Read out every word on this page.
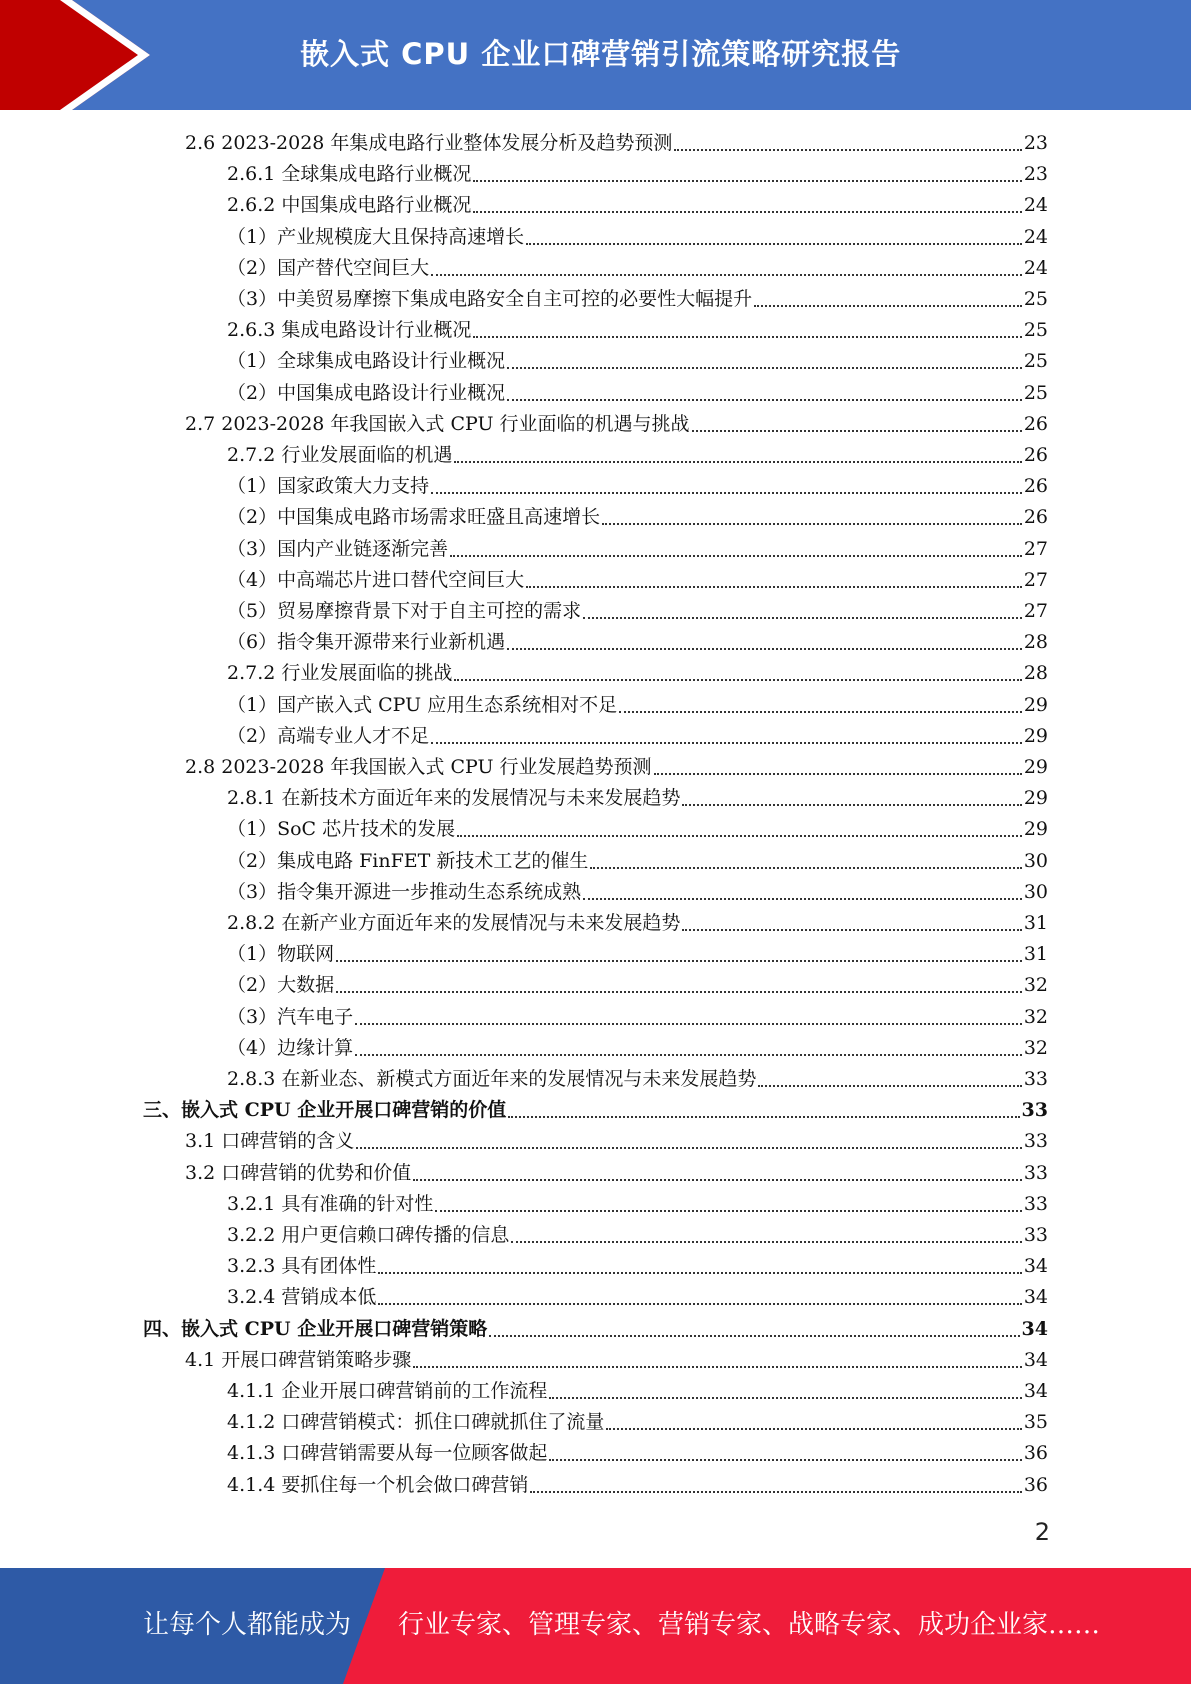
嵌入式 CPU 企业口碑营销引流策略研究报告
2.6 2023-2028 年集成电路行业整体发展分析及趋势预测	23
2.6.1 全球集成电路行业概况	23
2.6.2 中国集成电路行业概况	24
（1）产业规模庞大且保持高速增长	24
（2）国产替代空间巨大	24
（3）中美贸易摩擦下集成电路安全自主可控的必要性大幅提升	25
2.6.3 集成电路设计行业概况	25
（1）全球集成电路设计行业概况	25
（2）中国集成电路设计行业概况	25
2.7 2023-2028 年我国嵌入式 CPU 行业面临的机遇与挑战	26
2.7.2 行业发展面临的机遇	26
（1）国家政策大力支持	26
（2）中国集成电路市场需求旺盛且高速增长	26
（3）国内产业链逐渐完善	27
（4）中高端芯片进口替代空间巨大	27
（5）贸易摩擦背景下对于自主可控的需求	27
（6）指令集开源带来行业新机遇	28
2.7.2 行业发展面临的挑战	28
（1）国产嵌入式 CPU 应用生态系统相对不足	29
（2）高端专业人才不足	29
2.8 2023-2028 年我国嵌入式 CPU 行业发展趋势预测	29
2.8.1 在新技术方面近年来的发展情况与未来发展趋势	29
（1）SoC 芯片技术的发展	29
（2）集成电路 FinFET 新技术工艺的催生	30
（3）指令集开源进一步推动生态系统成熟	30
2.8.2 在新产业方面近年来的发展情况与未来发展趋势	31
（1）物联网	31
（2）大数据	32
（3）汽车电子	32
（4）边缘计算	32
2.8.3 在新业态、新模式方面近年来的发展情况与未来发展趋势	33
三、嵌入式 CPU 企业开展口碑营销的价值	33
3.1 口碑营销的含义	33
3.2 口碑营销的优势和价值	33
3.2.1 具有准确的针对性	33
3.2.2 用户更信赖口碑传播的信息	33
3.2.3 具有团体性	34
3.2.4 营销成本低	34
四、嵌入式 CPU 企业开展口碑营销策略	34
4.1 开展口碑营销策略步骤	34
4.1.1 企业开展口碑营销前的工作流程	34
4.1.2 口碑营销模式：抓住口碑就抓住了流量	35
4.1.3 口碑营销需要从每一位顾客做起	36
4.1.4 要抓住每一个机会做口碑营销	36
2
让每个人都能成为 行业专家、管理专家、营销专家、战略专家、成功企业家……
